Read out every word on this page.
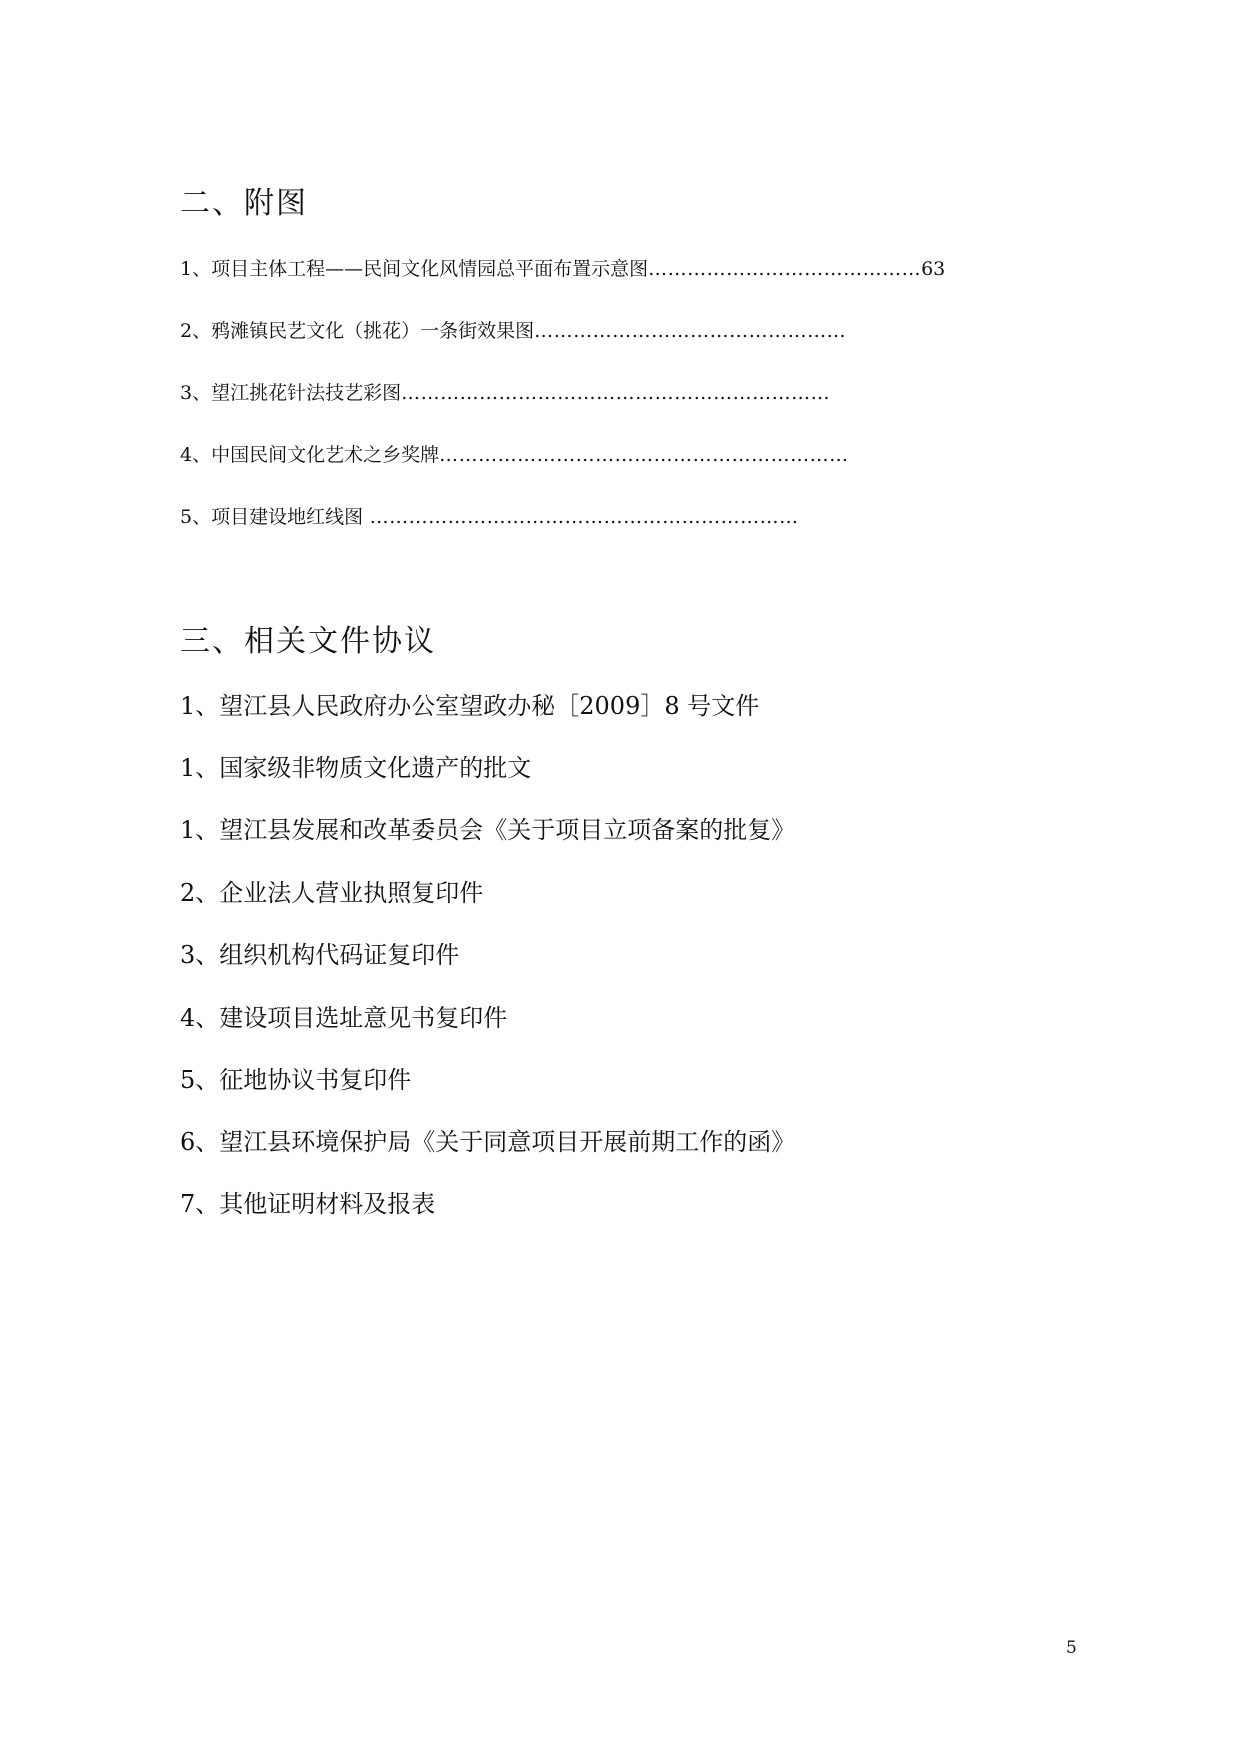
二、附图
1、项目主体工程——民间文化风情园总平面布置示意图……………………………………63
2、鸦滩镇民艺文化（挑花）一条街效果图…………………………………………
3、望江挑花针法技艺彩图…………………………………………………………
4、中国民间文化艺术之乡奖牌………………………………………………………
5、项目建设地红线图 …………………………………………………………
三、相关文件协议
1、望江县人民政府办公室望政办秘［2009］8 号文件
1、国家级非物质文化遗产的批文
1、望江县发展和改革委员会《关于项目立项备案的批复》
2、企业法人营业执照复印件
3、组织机构代码证复印件
4、建设项目选址意见书复印件
5、征地协议书复印件
6、望江县环境保护局《关于同意项目开展前期工作的函》
7、其他证明材料及报表
5
